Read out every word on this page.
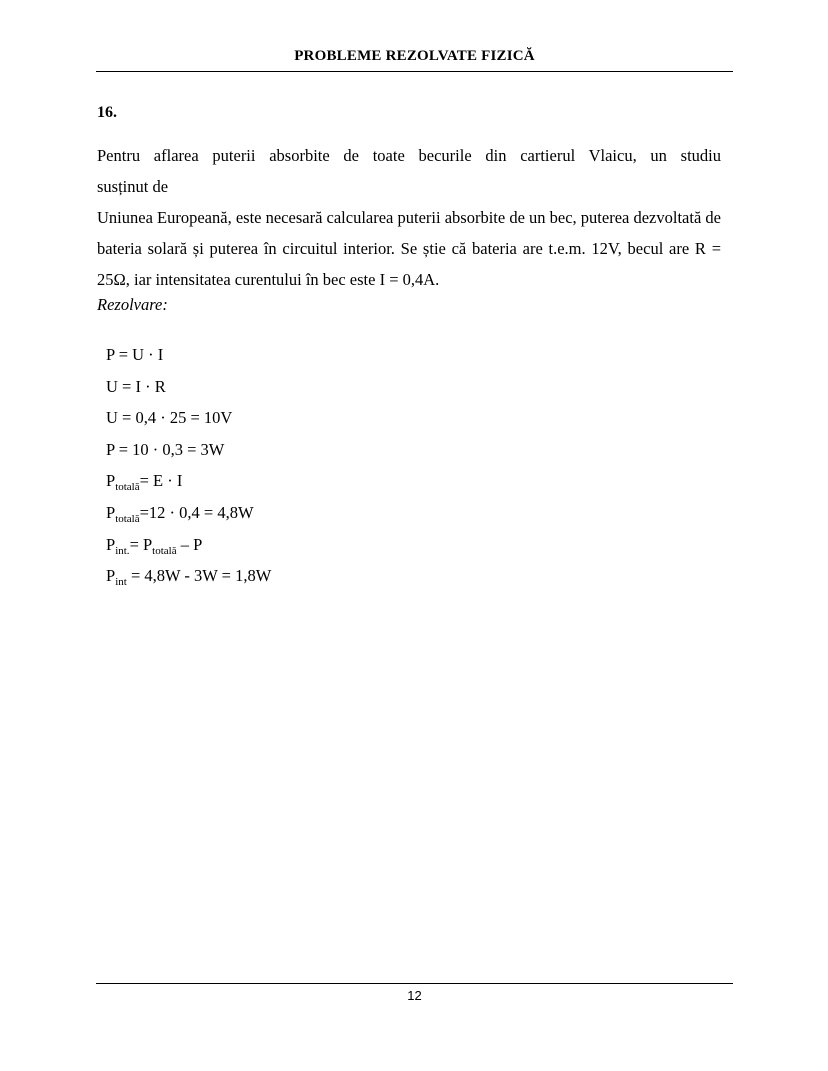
PROBLEME REZOLVATE FIZICĂ
16.

Pentru aflarea puterii absorbite de toate becurile din cartierul Vlaicu, un studiu

susținut de

Uniunea Europeană, este necesară calcularea puterii absorbite de un bec, puterea dezvoltată de bateria solară și puterea în circuitul interior. Se știe că bateria are t.e.m. 12V, becul are R = 25Ω, iar intensitatea curentului în bec este I = 0,4A.

Rezolvare:
P = U · I
U = I · R
U = 0,4 · 25 = 10V
P = 10 · 0,3 = 3W
$P_{totală}= E \cdot I$
$P_{totală}=12 \cdot 0,4 = 4,8W$
$P_{int.}= P_{totală} - P$
$P_{int} = 4,8W - 3W = 1,8W$
12
